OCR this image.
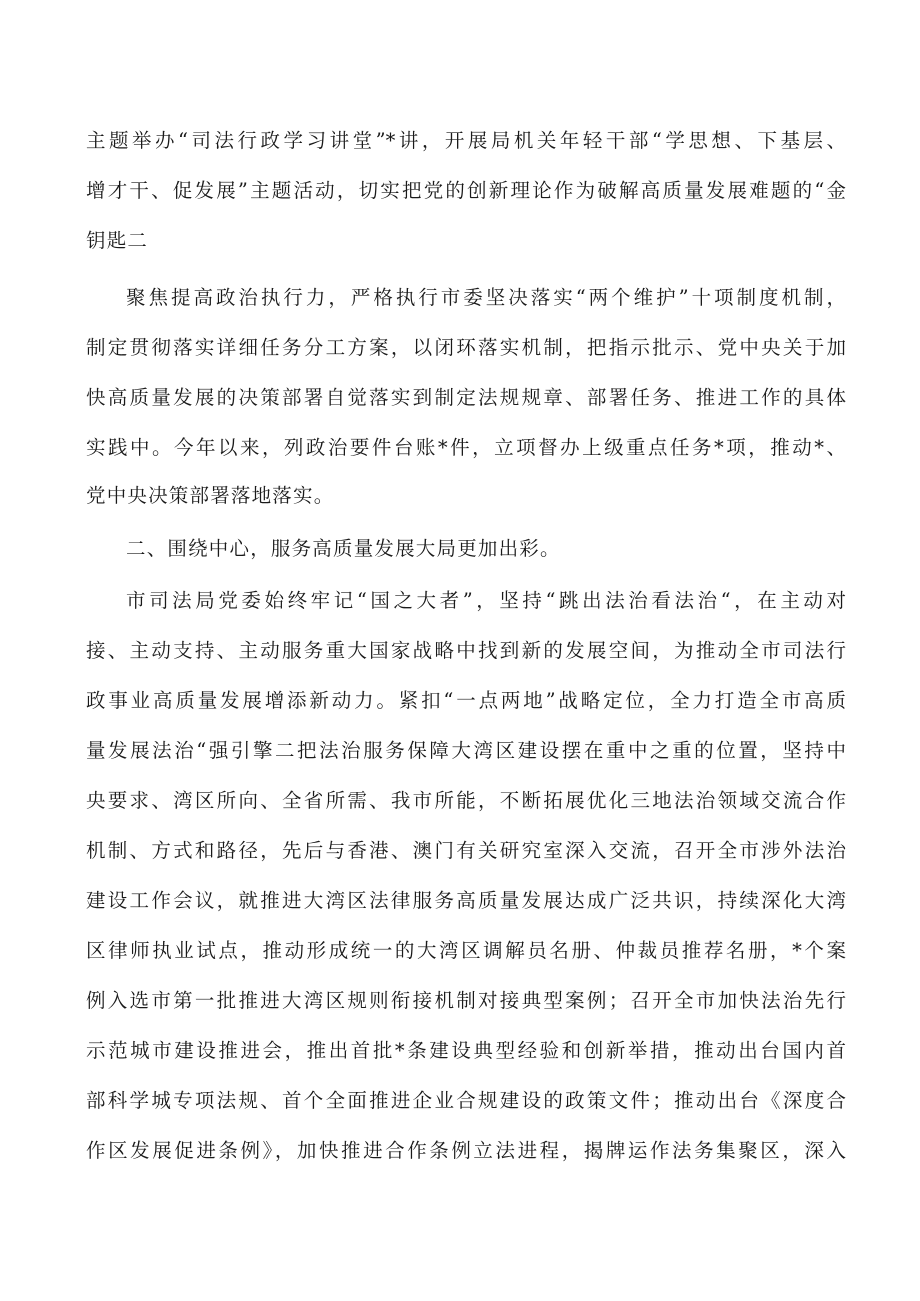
主题举办“司法行政学习讲堂”*讲，开展局机关年轻干部“学思想、下基层、
增才干、促发展”主题活动，切实把党的创新理论作为破解高质量发展难题的“金
钥匙二
聚焦提高政治执行力，严格执行市委坚决落实“两个维护”十项制度机制，
制定贯彻落实详细任务分工方案，以闭环落实机制，把指示批示、党中央关于加
快高质量发展的决策部署自觉落实到制定法规规章、部署任务、推进工作的具体
实践中。今年以来，列政治要件台账*件，立项督办上级重点任务*项，推动*、
党中央决策部署落地落实。
二、围绕中心，服务高质量发展大局更加出彩。
市司法局党委始终牢记“国之大者”，坚持“跳出法治看法治“，在主动对
接、主动支持、主动服务重大国家战略中找到新的发展空间，为推动全市司法行
政事业高质量发展增添新动力。紧扣“一点两地”战略定位，全力打造全市高质
量发展法治“强引擎二把法治服务保障大湾区建设摆在重中之重的位置，坚持中
央要求、湾区所向、全省所需、我市所能，不断拓展优化三地法治领域交流合作
机制、方式和路径，先后与香港、澳门有关研究室深入交流，召开全市涉外法治
建设工作会议，就推进大湾区法律服务高质量发展达成广泛共识，持续深化大湾
区律师执业试点，推动形成统一的大湾区调解员名册、仲裁员推荐名册，*个案
例入选市第一批推进大湾区规则衔接机制对接典型案例；召开全市加快法治先行
示范城市建设推进会，推出首批*条建设典型经验和创新举措，推动出台国内首
部科学城专项法规、首个全面推进企业合规建设的政策文件；推动出台《深度合
作区发展促进条例》，加快推进合作条例立法进程，揭牌运作法务集聚区，深入
